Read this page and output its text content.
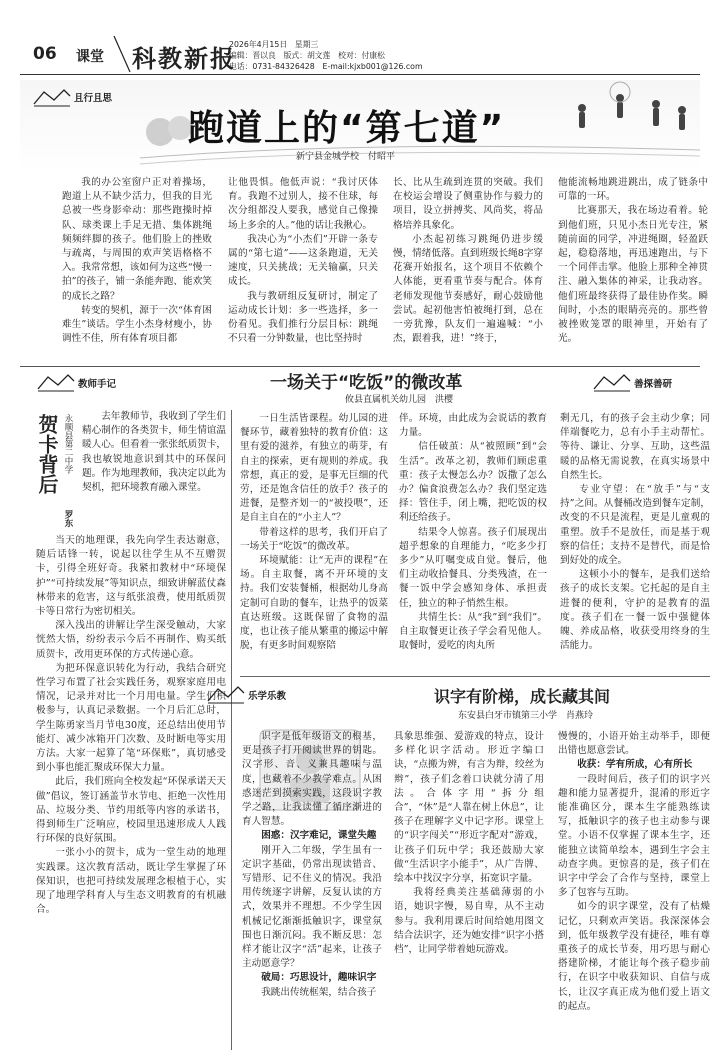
06 课堂 科教新报
2026年4月15日　星期三
编辑：晋以良　版式：胡文莲　校对：付康松
电话：0731-84326428　E-mail:kjxb001@126.com
且行且思
跑道上的“第七道”
新宁县金城学校　付昭平

我的办公室窗户正对着操场，跑道上从不缺少活力，但我的目光总被一些身影牵动：那些跑操时掉队、球类课上手足无措、集体跳绳频频绊脚的孩子。他们脸上的挫败与疏离，与周围的欢声笑语格格不入。我常常想，该如何为这些“慢一拍”的孩子，铺一条能奔跑、能欢笑的成长之路？

转变的契机，源于一次“体育困难生”谈话。学生小杰身材瘦小，协调性不佳，所有体育项目都

让他畏惧。他低声说：“我讨厌体育。我跑不过别人，接不住球，每次分组都没人要我，感觉自己像操场上多余的人。”他的话让我揪心。

我决心为“小杰们”开辟一条专属的“第七道”——这条跑道，无关速度，只关挑战；无关输赢，只关成长。

我与教研组反复研讨，制定了运动成长计划：多一些选择，多一份看见。我们推行分层目标：跳绳不只看一分钟数量，也比坚持时

长、比从生疏到连贯的突破。我们在校运会增设了侧重协作与毅力的项目，设立拼搏奖、风尚奖，将品格培养具象化。

小杰起初练习跳绳仍进步缓慢，情绪低落。直到班级长绳8字穿花赛开始报名，这个项目不依赖个人体能，更看重节奏与配合。体育老师发现他节奏感好，耐心鼓励他尝试。起初他害怕被绳打到，总在一旁犹豫，队友们一遍遍喊：“小杰，跟着我，进！”终于，

他能流畅地跳进跳出，成了链条中可靠的一环。

比赛那天，我在场边看着。轮到他们班，只见小杰日光专注，紧随前面的同学，冲进绳圈，轻盈跃起，稳稳落地，再迅速跑出，与下一个同伴击掌。他脸上那种全神贯注、融入集体的神采，让我动容。他们班最终获得了最佳协作奖。瞬间时，小杰的眼睛亮亮的。那些曾被挫败笼罩的眼神里，开始有了光。

教师手记	善探善研
一场关于“吃饭”的微改革
攸县直属机关幼儿园　洪樱

一日生活皆课程。幼儿园的进餐环节，藏着独特的教育价值：这里有爱的滋养，有独立的萌芽，有自主的探索，更有规则的养成。我常想，真正的爱，是事无巨细的代劳，还是饱含信任的放手？孩子的进餐，是整齐划一的“被投喂”，还是自主自在的“小主人”？

带着这样的思考，我们开启了一场关于“吃饭”的微改革。

环境赋能：让“无声的课程”在场。自主取餐，离不开环境的支持。我们安装餐桶，根据幼儿身高定制可自助的餐车，让热乎的饭菜直达班级。这既保留了食物的温度，也让孩子能从繁重的搬运中解脱，有更多时间观察陪

伴。环境，由此成为会说话的教育力量。

信任破茧：从“被照顾”到“会生活”。改革之初，教师们顾虑重重：孩子太慢怎么办？饭撒了怎么办？偏食浪费怎么办？我们坚定选择：管住手，闭上嘴，把吃饭的权利还给孩子。

结果令人惊喜。孩子们展现出超乎想象的自理能力，“吃多少打多少”从叮嘱变成自觉。餐后，他们主动收拾餐具、分类残渣，在一餐一饭中学会感知身体、承担责任，独立的种子悄然生根。

共情生长：从“我”到“我们”。自主取餐更让孩子学会看见他人。取餐时，爱吃的肉丸所

剩无几，有的孩子会主动少拿；同伴端餐吃力，总有小手主动帮忙。等待、谦让、分享、互助，这些温暖的品格无需说教，在真实场景中自然生长。

专业守望：在“放手”与“支持”之间。从餐桶改造到餐车定制，改变的不只是流程，更是儿童观的重塑。放手不是放任，而是基于观察的信任；支持不是替代，而是恰到好处的成全。

这顿小小的餐车，是我们送给孩子的成长支架。它托起的是自主进餐的便利，守护的是教育的温度。孩子们在一餐一饭中强健体魄、养成品格，收获受用终身的生活能力。

贺卡背后 永顺县第二中学
罗东

去年教师节，我收到了学生们精心制作的各类贺卡，师生情谊温暖人心。但看着一张张纸质贺卡，我也敏锐地意识到其中的环保问题。作为地理教师，我决定以此为契机，把环境教育融入课堂。

当天的地理课，我先向学生表达谢意，随后话锋一转，说起以往学生从不互赠贺卡，引得全班好奇。我紧扣教材中“环境保护”“可持续发展”等知识点，细致讲解蓝仗森林带来的危害，这与纸张浪费，使用纸质贺卡等日常行为密切相关。

深入浅出的讲解让学生深受触动，大家恍然大悟，纷纷表示今后不再制作、购买纸质贺卡，改用更环保的方式传递心意。

为把环保意识转化为行动，我结合研究性学习布置了社会实践任务，观察家庭用电情况，记录并对比一个月用电量。学生们积极参与，认真记录数据。一个月后汇总时，学生陈勇家当月节电30度，还总结出使用节能灯、减少冰箱开门次数、及时断电等实用方法。大家一起算了笔“环保账”，真切感受到小事也能汇聚成环保大力量。

此后，我们班向全校发起“环保承诺天天做”倡议，签订涵盖节水节电、拒绝一次性用品、垃圾分类、节约用纸等内容的承诺书，得到师生广泛响应，校园里迅速形成人人践行环保的良好氛围。

一张小小的贺卡，成为一堂生动的地理实践课。这次教育活动，既让学生掌握了环保知识，也把可持续发展理念根植于心，实现了地理学科育人与生态文明教育的有机融合。

乐学乐教	识字有阶梯，成长藏其间
东安县白牙市镇第三小学　肖燕玲

识字是低年级语文的根基，更是孩子打开阅读世界的钥匙。汉字形、音、义兼具趣味与温度，也藏着不少教学难点。从困惑迷茫到摸索实践，这段识字教学之路，让我读懂了循序渐进的育人智慧。

困惑：汉字难记，课堂失趣

刚开入二年级，学生虽有一定识字基础，仍常出现读错音、写错形、记不住义的情况。我沿用传统逐字讲解，反复认读的方式，效果并不理想。不少学生因机械记忆渐渐抵触识字，课堂氛围也日渐沉闷。我不断反思：怎样才能让汉字“活”起来，让孩子主动愿意学？

破局：巧思设计，趣味识字

我跳出传统框架，结合孩子

具象思维强、爱游戏的特点，设计多样化识字活动。形近字编口诀，“点搬为辨，有言为辩，绞丝为辫”，孩子们念着口诀就分清了用法。合体字用“拆分组合”，“休”是“人靠在树上休息”，让孩子在理解字义中记字形。课堂上的“识字闯关”“形近字配对”游戏，让孩子们玩中学；我还鼓励大家做“生活识字小能手”，从广告牌、绘本中找汉字分享，拓宽识字量。

我将经典美注基础薄弱的小语，她识字慢，易自卑，从不主动参与。我利用课后时间给她用图文结合法识字，还为她安排“识字小搭档”，让同学带着她玩游戏。

慢慢的，小语开始主动举手，即便出错也愿意尝试。

收获：学有所成，心有所长

一段时间后，孩子们的识字兴趣和能力显著提升，混淆的形近字能准确区分，课本生字能熟练读写，抵触识字的孩子也主动参与课堂。小语不仅掌握了课本生字，还能独立读简单绘本，遇到生字会主动查字典。更惊喜的是，孩子们在识字中学会了合作与坚持，课堂上多了包容与互助。

如今的识字课堂，没有了枯燥记忆，只剩欢声笑语。我深深体会到，低年级教学没有捷径，唯有尊重孩子的成长节奏，用巧思与耐心搭建阶梯，才能让每个孩子稳步前行，在识字中收获知识、自信与成长，让汉字真正成为他们爱上语文的起点。
